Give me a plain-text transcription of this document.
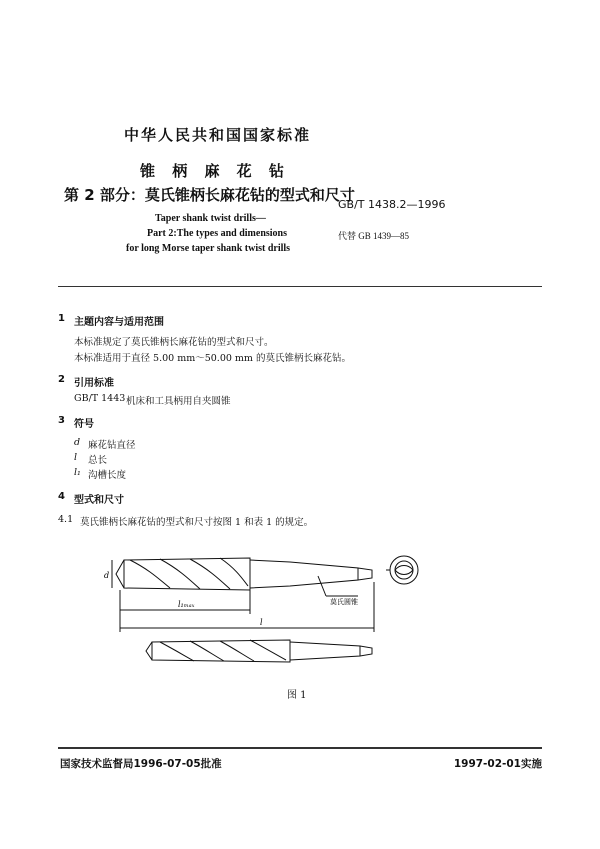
中华人民共和国国家标准
锥 柄 麻 花 钻
第 2 部分：莫氏锥柄长麻花钻的型式和尺寸
GB/T 1438.2—1996
Taper shank twist drills—
Part 2:The types and dimensions
for long Morse taper shank twist drills
代替 GB 1439—85
1 主题内容与适用范围
本标准规定了莫氏锥柄长麻花钻的型式和尺寸。
本标准适用于直径 5.00 mm～50.00 mm 的莫氏锥柄长麻花钻。
2 引用标准
GB/T 1443 机床和工具柄用自夹圆锥
3 符号
d 麻花钻直径
l 总长
l₁ 沟槽长度
4 型式和尺寸
4.1 莫氏锥柄长麻花钻的型式和尺寸按图 1 和表 1 的规定。
d
l₁ₘₐₓ
l
莫氏圆锥
图 1
国家技术监督局1996-07-05批准	1997-02-01实施
